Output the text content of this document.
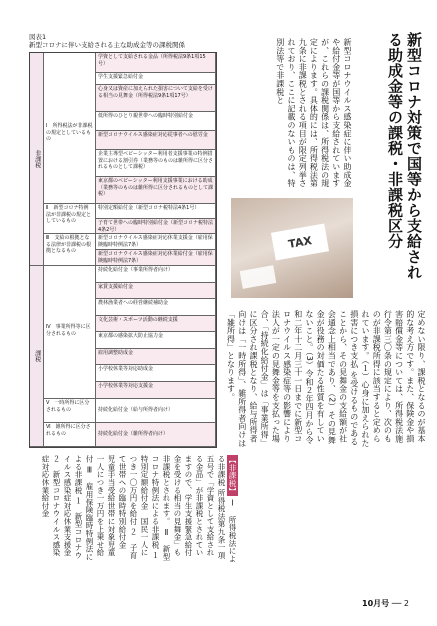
図表1
新型コロナに伴い支給される主な助成金等の課税関係
非課税
課税
Ⅰ　所得税法が非課税の規定としているもの
Ⅱ　新型コロナ特例法が非課税の規定としているもの
Ⅲ　支給の根拠となる法律が非課税の根拠となるもの
Ⅳ　事業所得等に区分されるもの
Ⅴ　一時所得に区分されるもの
Ⅵ　雑所得に区分されるもの
学資として支給される金品（所得税法9条1項15号）
学生支援緊急給付金
心身又は資産に加えられた損害について支給を受ける相当の見舞金（所得税法9条1項17号）
低所得のひとり親世帯への臨時特別給付金
新型コロナウイルス感染症対応従事者への慰労金
企業主導型ベビーシッター利用者支援事業の特例措置における割引券（業務等のものは雑所得に区分されるものとして課税）
東京都のベビーシッター利用支援事業における助成（業務等のものは雑所得に区分されるものとして課税）
特別定額給付金（新型コロナ税特法4条1号）
子育て世帯への臨時特別給付金（新型コロナ税特法4条2号）
新型コロナウイルス感染症対応休業支援金（雇用保険臨時特例法7条）
新型コロナウイルス感染症対応休業給付金（雇用保険臨時特例法7条）
持続化給付金（事業所得者向け）
家賃支援給付金
農林漁業者への経営継続補助金
文化芸術・スポーツ活動の継続支援
東京都の感染拡大防止協力金
雇用調整助成金
小学校休業等対応助成金
小学校休業等対応支援金
持続化給付金（給与所得者向け）
持続化給付金（雑所得者向け）
新型コロナ対策で国等から支給される助成金等の課税・非課税区分
新型コロナウイルス感染症に伴い助成金や給付金等が国等から支給されていますが、これらの課税関係は、所得税法の規定によります。具体的には、所得税法第九条に非課税とされる項目が限定列挙されており、ここに記載のないものは、特別法等で非課税と
TAX
定めない限り、課税となるのが基本的な考え方です。また、保険金や損害賠償金等については、所得税法施行令第三〇条の規定により、次のものが非課税所得に該当すると定められています。（１）心身に加えられた損害につき支払 を受けるものであることから、その見舞金の支給額が社会通念上相当であり、（2）その見舞金が役務の対価たる性質を有していないこと。（3）令和２年四月から令和二年十二月三十一日までに新型コロナウイルス感染症等の影響により法人が一定の見舞金等を支払った場合、「持続化給付金」は「事業所得」に区分され課税となり、給与所得者向けは「一時所得」、雑所得者向けは「雑所得」となります。
【非課税】 Ⅰ　所得税法による非課税 所得税法第九条一項五号で「学資として支給される金品」が非課税とされていますので、学生支援緊急給付金を受ける相当の見舞金」も非課税とされます。 Ⅱ　新型コロナ特例法による非課税 １　特別定額給付金　国民一人につき一〇万円を給付 ２　子育て世帯への臨時特別給付金　児童手当受給世帯に対象児童一人につき一万円を上乗せ給付 Ⅲ　雇用保険臨時特例法による非課税 １　新型コロナウイルス感染症対応休業支援金 ２　新型コロナウイルス感染症対応休業給付金
10月号 ── 2
